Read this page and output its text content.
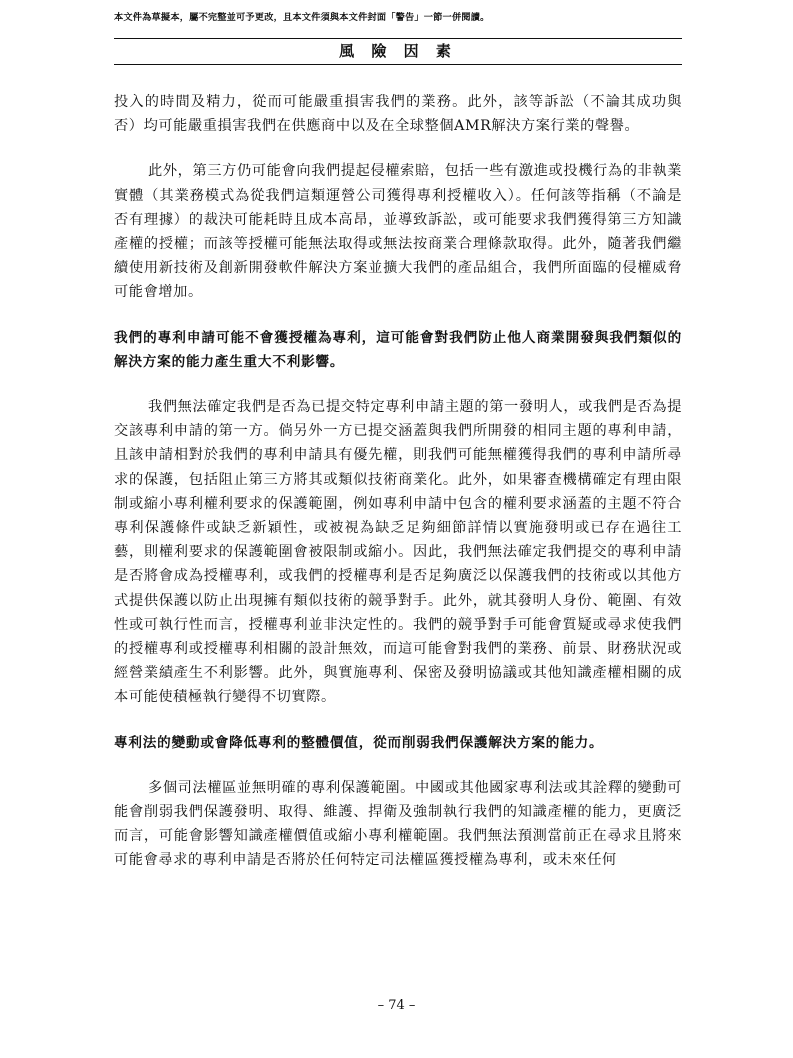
本文件為草擬本，屬不完整並可予更改，且本文件須與本文件封面「警告」一節一併閱讀。
風 險 因 素

投入的時間及精力，從而可能嚴重損害我們的業務。此外，該等訴訟（不論其成功與否）均可能嚴重損害我們在供應商中以及在全球整個AMR解決方案行業的聲譽。

此外，第三方仍可能會向我們提起侵權索賠，包括一些有激進或投機行為的非執業實體（其業務模式為從我們這類運營公司獲得專利授權收入）。任何該等指稱（不論是否有理據）的裁決可能耗時且成本高昂，並導致訴訟，或可能要求我們獲得第三方知識產權的授權；而該等授權可能無法取得或無法按商業合理條款取得。此外，隨著我們繼續使用新技術及創新開發軟件解決方案並擴大我們的產品組合，我們所面臨的侵權威脅可能會增加。

我們的專利申請可能不會獲授權為專利，這可能會對我們防止他人商業開發與我們類似的解決方案的能力產生重大不利影響。

我們無法確定我們是否為已提交特定專利申請主題的第一發明人，或我們是否為提交該專利申請的第一方。倘另外一方已提交涵蓋與我們所開發的相同主題的專利申請，且該申請相對於我們的專利申請具有優先權，則我們可能無權獲得我們的專利申請所尋求的保護，包括阻止第三方將其或類似技術商業化。此外，如果審查機構確定有理由限制或縮小專利權利要求的保護範圍，例如專利申請中包含的權利要求涵蓋的主題不符合專利保護條件或缺乏新穎性，或被視為缺乏足夠細節詳情以實施發明或已存在過往工藝，則權利要求的保護範圍會被限制或縮小。因此，我們無法確定我們提交的專利申請是否將會成為授權專利，或我們的授權專利是否足夠廣泛以保護我們的技術或以其他方式提供保護以防止出現擁有類似技術的競爭對手。此外，就其發明人身份、範圍、有效性或可執行性而言，授權專利並非決定性的。我們的競爭對手可能會質疑或尋求使我們的授權專利或授權專利相關的設計無效，而這可能會對我們的業務、前景、財務狀況或經營業績產生不利影響。此外，與實施專利、保密及發明協議或其他知識產權相關的成本可能使積極執行變得不切實際。

專利法的變動或會降低專利的整體價值，從而削弱我們保護解決方案的能力。

多個司法權區並無明確的專利保護範圍。中國或其他國家專利法或其詮釋的變動可能會削弱我們保護發明、取得、維護、捍衛及強制執行我們的知識產權的能力，更廣泛而言，可能會影響知識產權價值或縮小專利權範圍。我們無法預測當前正在尋求且將來可能會尋求的專利申請是否將於任何特定司法權區獲授權為專利，或未來任何

– 74 –
